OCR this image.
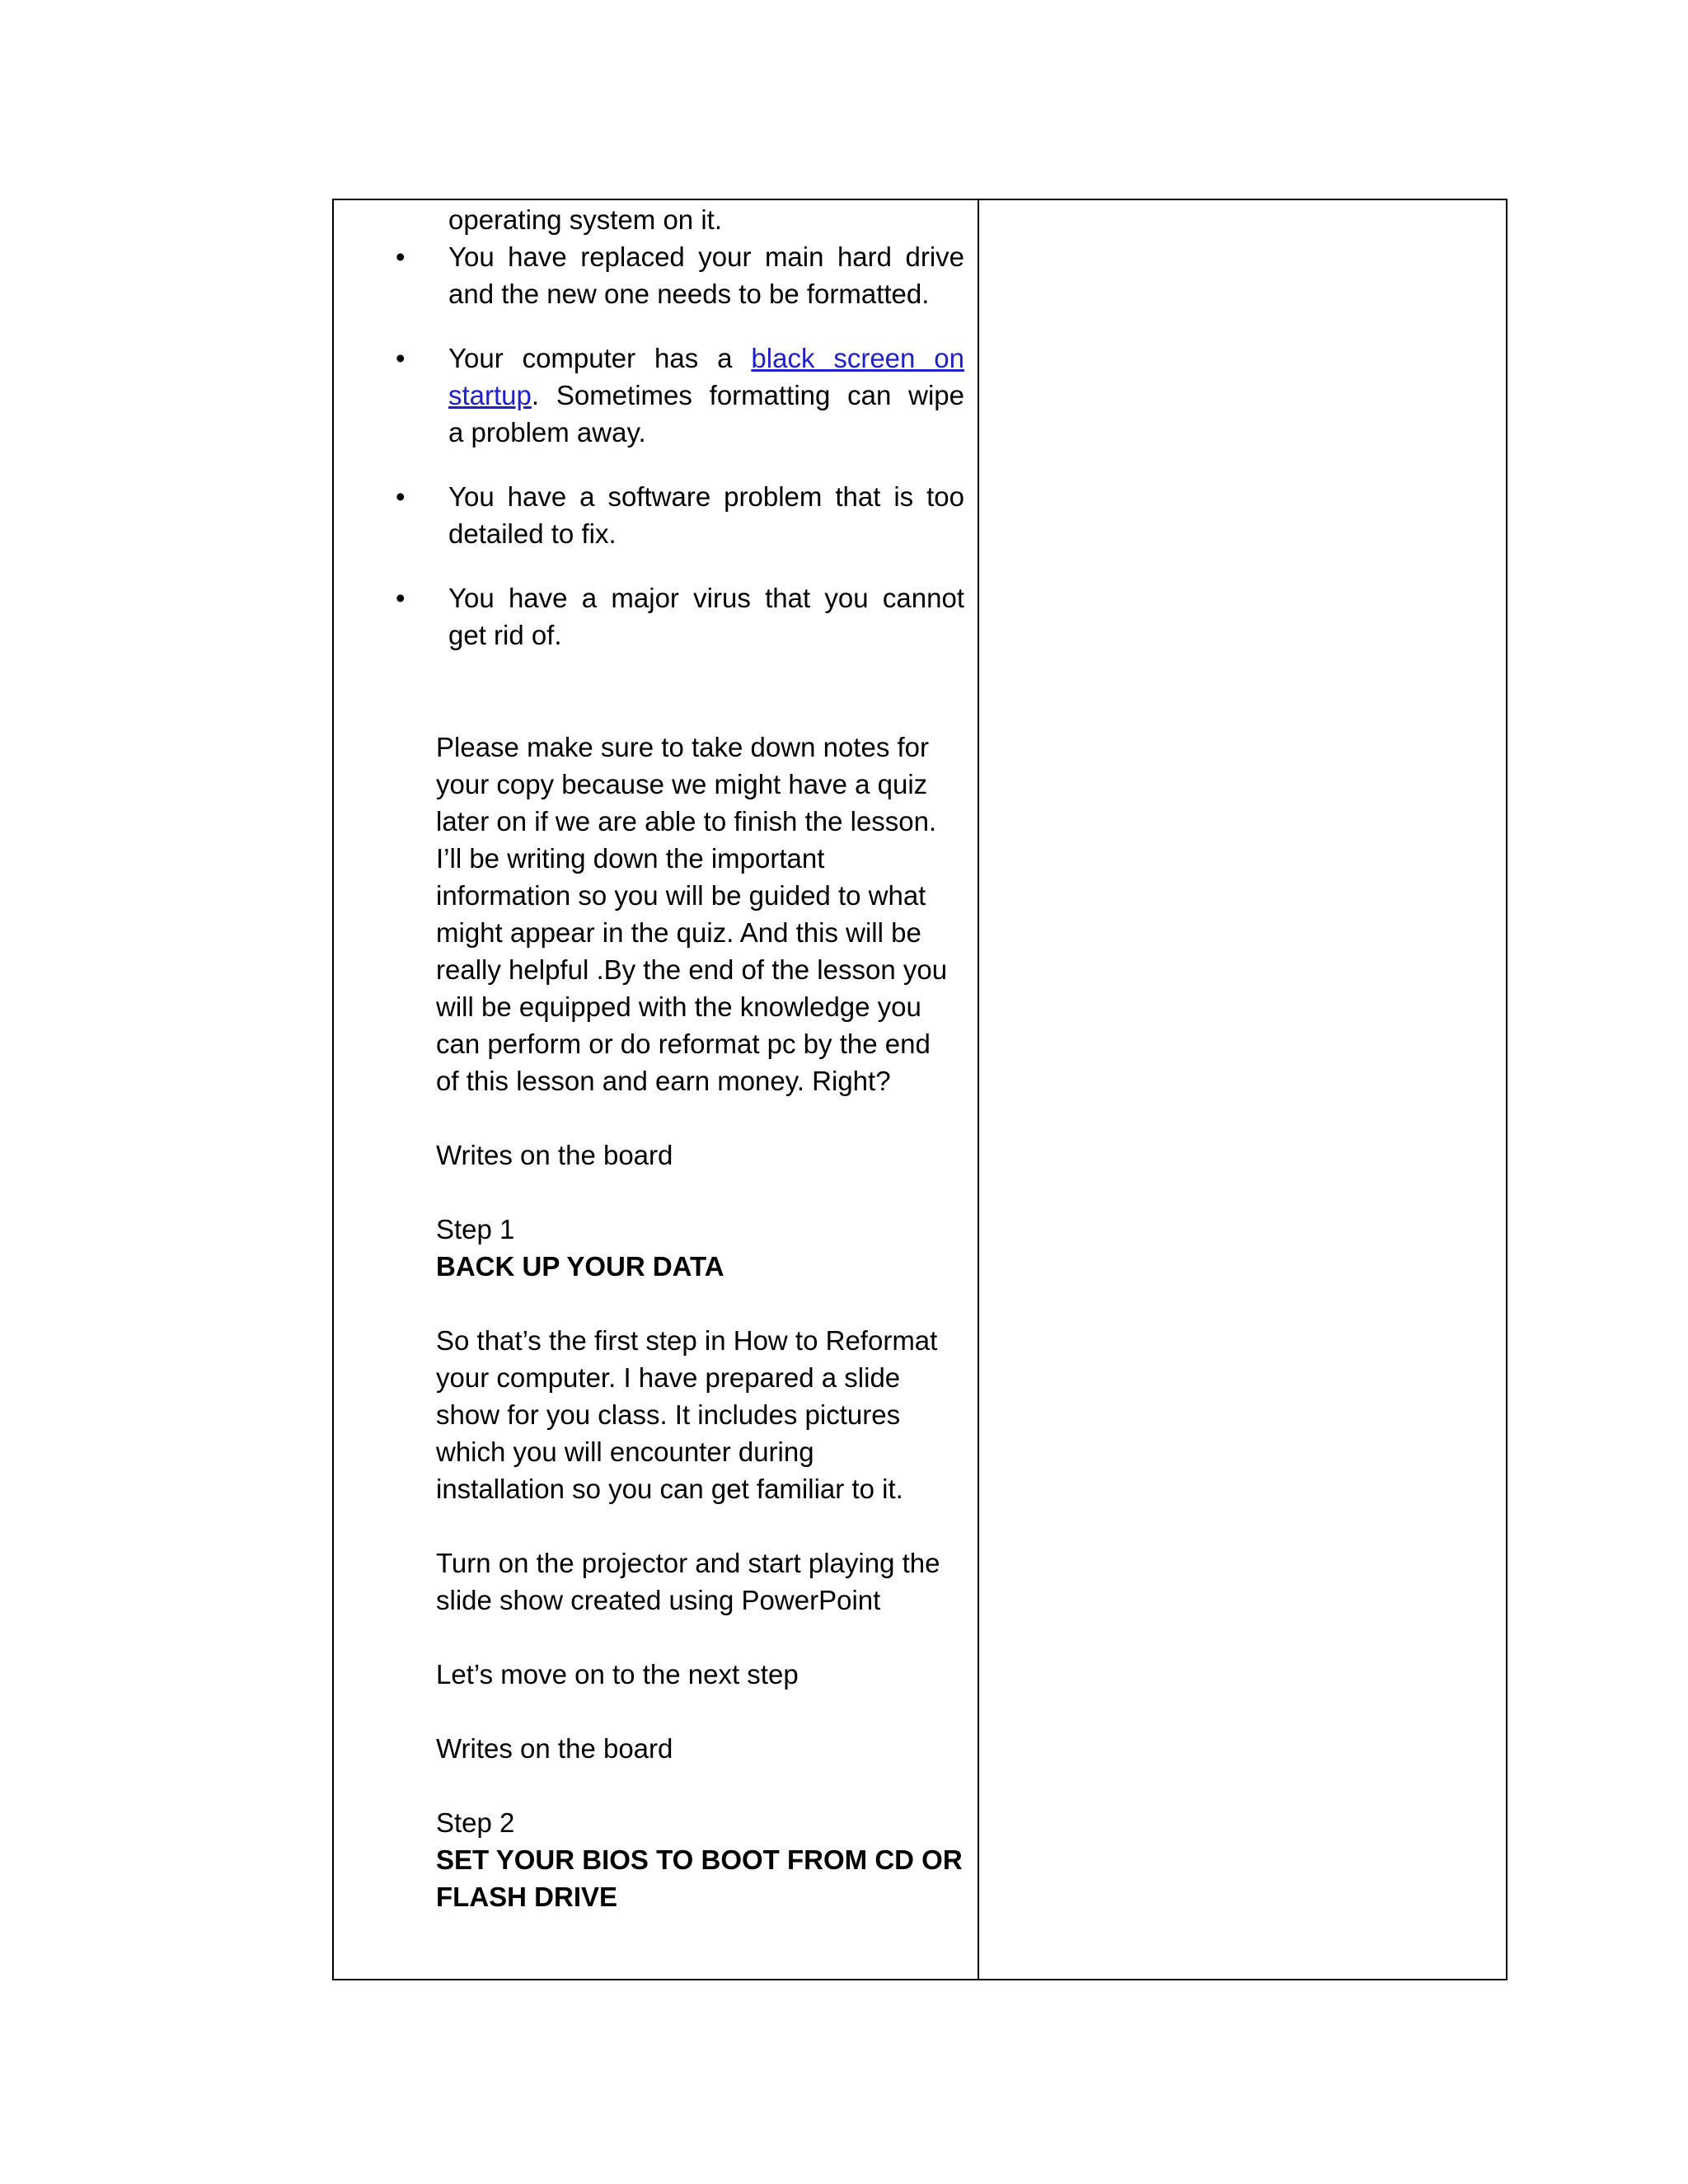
operating system on it.
• You have replaced your main hard drive
and the new one needs to be formatted.
• Your computer has a black screen on
startup. Sometimes formatting can wipe
a problem away.
• You have a software problem that is too
detailed to fix.
• You have a major virus that you cannot
get rid of.
Please make sure to take down notes for
your copy because we might have a quiz
later on if we are able to finish the lesson.
I’ll be writing down the important
information so you will be guided to what
might appear in the quiz. And this will be
really helpful .By the end of the lesson you
will be equipped with the knowledge you
can perform or do reformat pc by the end
of this lesson and earn money. Right?
Writes on the board
Step 1
BACK UP YOUR DATA
So that’s the first step in How to Reformat
your computer. I have prepared a slide
show for you class. It includes pictures
which you will encounter during
installation so you can get familiar to it.
Turn on the projector and start playing the
slide show created using PowerPoint
Let’s move on to the next step
Writes on the board
Step 2
SET YOUR BIOS TO BOOT FROM CD OR
FLASH DRIVE
